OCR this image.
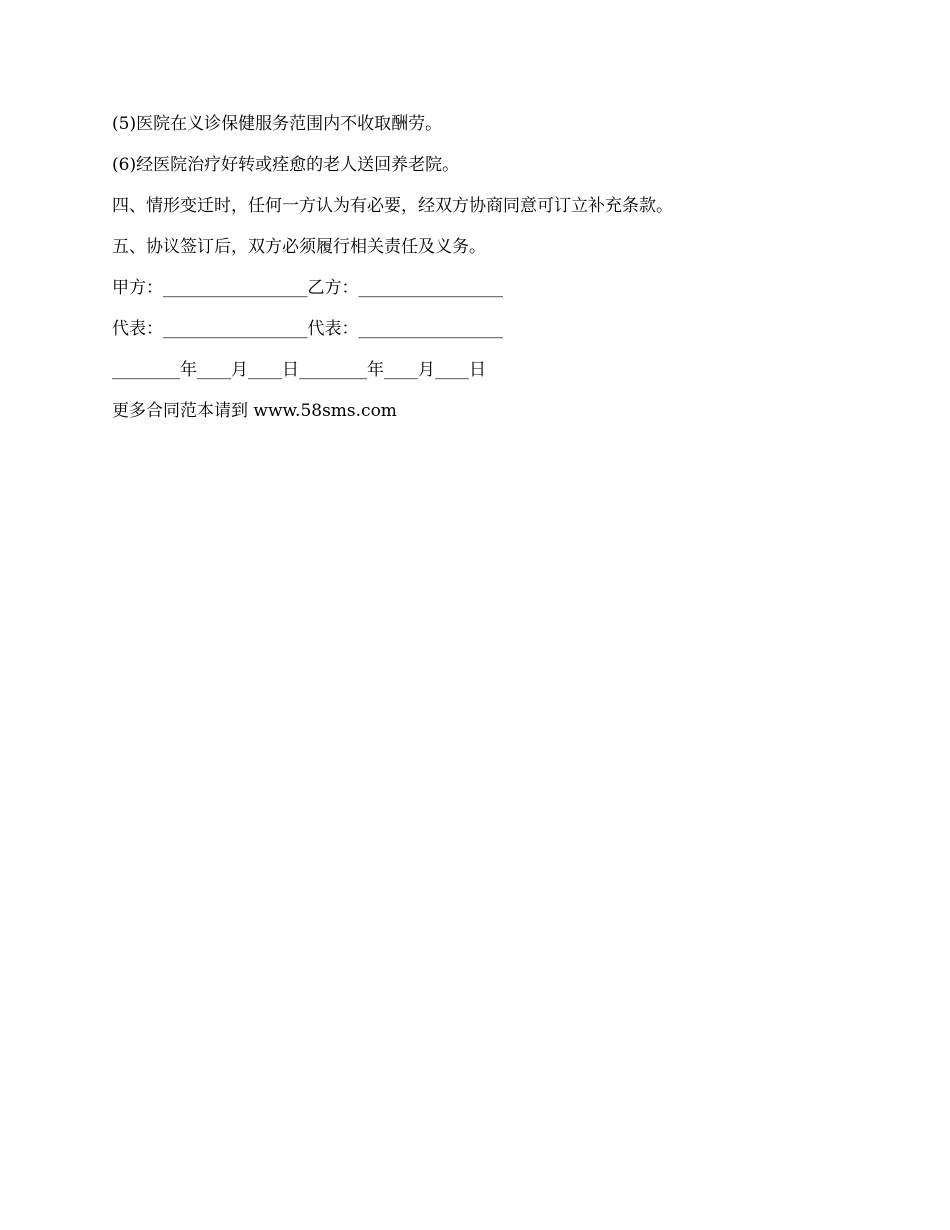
(5)医院在义诊保健服务范围内不收取酬劳。
(6)经医院治疗好转或痊愈的老人送回养老院。
四、情形变迁时，任何一方认为有必要，经双方协商同意可订立补充条款。
五、协议签订后，双方必须履行相关责任及义务。
甲方：_________________乙方：_________________
代表：_________________代表：_________________
________年____月____日________年____月____日
更多合同范本请到 www.58sms.com
